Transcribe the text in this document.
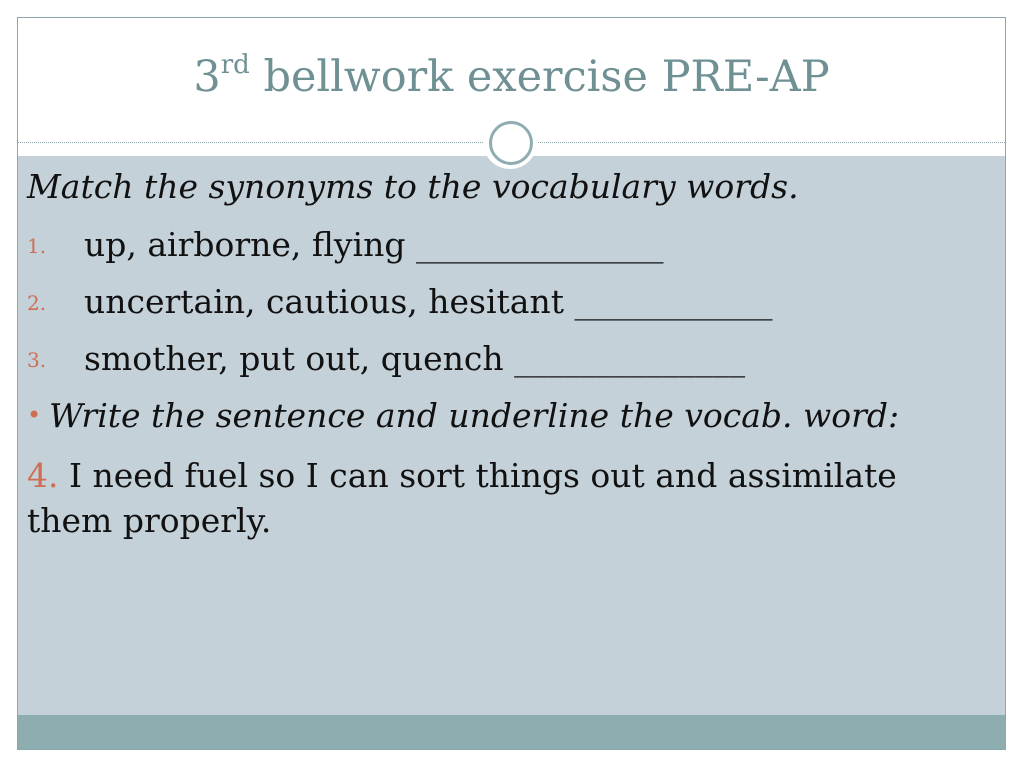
3rd bellwork exercise PRE-AP
Match the synonyms to the vocabulary words.
1. up, airborne, flying _______________
2. uncertain, cautious, hesitant ____________
3. smother, put out, quench ______________
• Write the sentence and underline the vocab. word:
4. I need fuel so I can sort things out and assimilate them properly.
